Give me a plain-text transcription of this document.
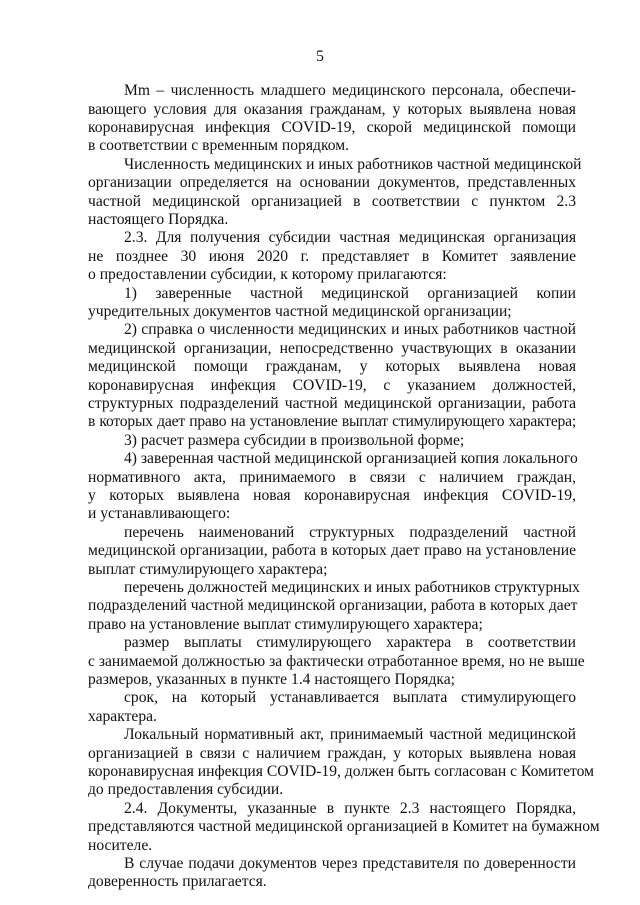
5
Mm – численность младшего медицинского персонала, обеспечи-
вающего условия для оказания гражданам, у которых выявлена новая
коронавирусная инфекция COVID-19, скорой медицинской помощи
в соответствии с временным порядком.
Численность медицинских и иных работников частной медицинской
организации определяется на основании документов, представленных
частной медицинской организацией в соответствии с пунктом 2.3
настоящего Порядка.
2.3. Для получения субсидии частная медицинская организация
не позднее 30 июня 2020 г. представляет в Комитет заявление
о предоставлении субсидии, к которому прилагаются:
1) заверенные частной медицинской организацией копии
учредительных документов частной медицинской организации;
2) справка о численности медицинских и иных работников частной
медицинской организации, непосредственно участвующих в оказании
медицинской помощи гражданам, у которых выявлена новая
коронавирусная инфекция COVID-19, с указанием должностей,
структурных подразделений частной медицинской организации, работа
в которых дает право на установление выплат стимулирующего характера;
3) расчет размера субсидии в произвольной форме;
4) заверенная частной медицинской организацией копия локального
нормативного акта, принимаемого в связи с наличием граждан,
у которых выявлена новая коронавирусная инфекция COVID-19,
и устанавливающего:
перечень наименований структурных подразделений частной
медицинской организации, работа в которых дает право на установление
выплат стимулирующего характера;
перечень должностей медицинских и иных работников структурных
подразделений частной медицинской организации, работа в которых дает
право на установление выплат стимулирующего характера;
размер выплаты стимулирующего характера в соответствии
с занимаемой должностью за фактически отработанное время, но не выше
размеров, указанных в пункте 1.4 настоящего Порядка;
срок, на который устанавливается выплата стимулирующего
характера.
Локальный нормативный акт, принимаемый частной медицинской
организацией в связи с наличием граждан, у которых выявлена новая
коронавирусная инфекция COVID-19, должен быть согласован с Комитетом
до предоставления субсидии.
2.4. Документы, указанные в пункте 2.3 настоящего Порядка,
представляются частной медицинской организацией в Комитет на бумажном
носителе.
В случае подачи документов через представителя по доверенности
доверенность прилагается.
